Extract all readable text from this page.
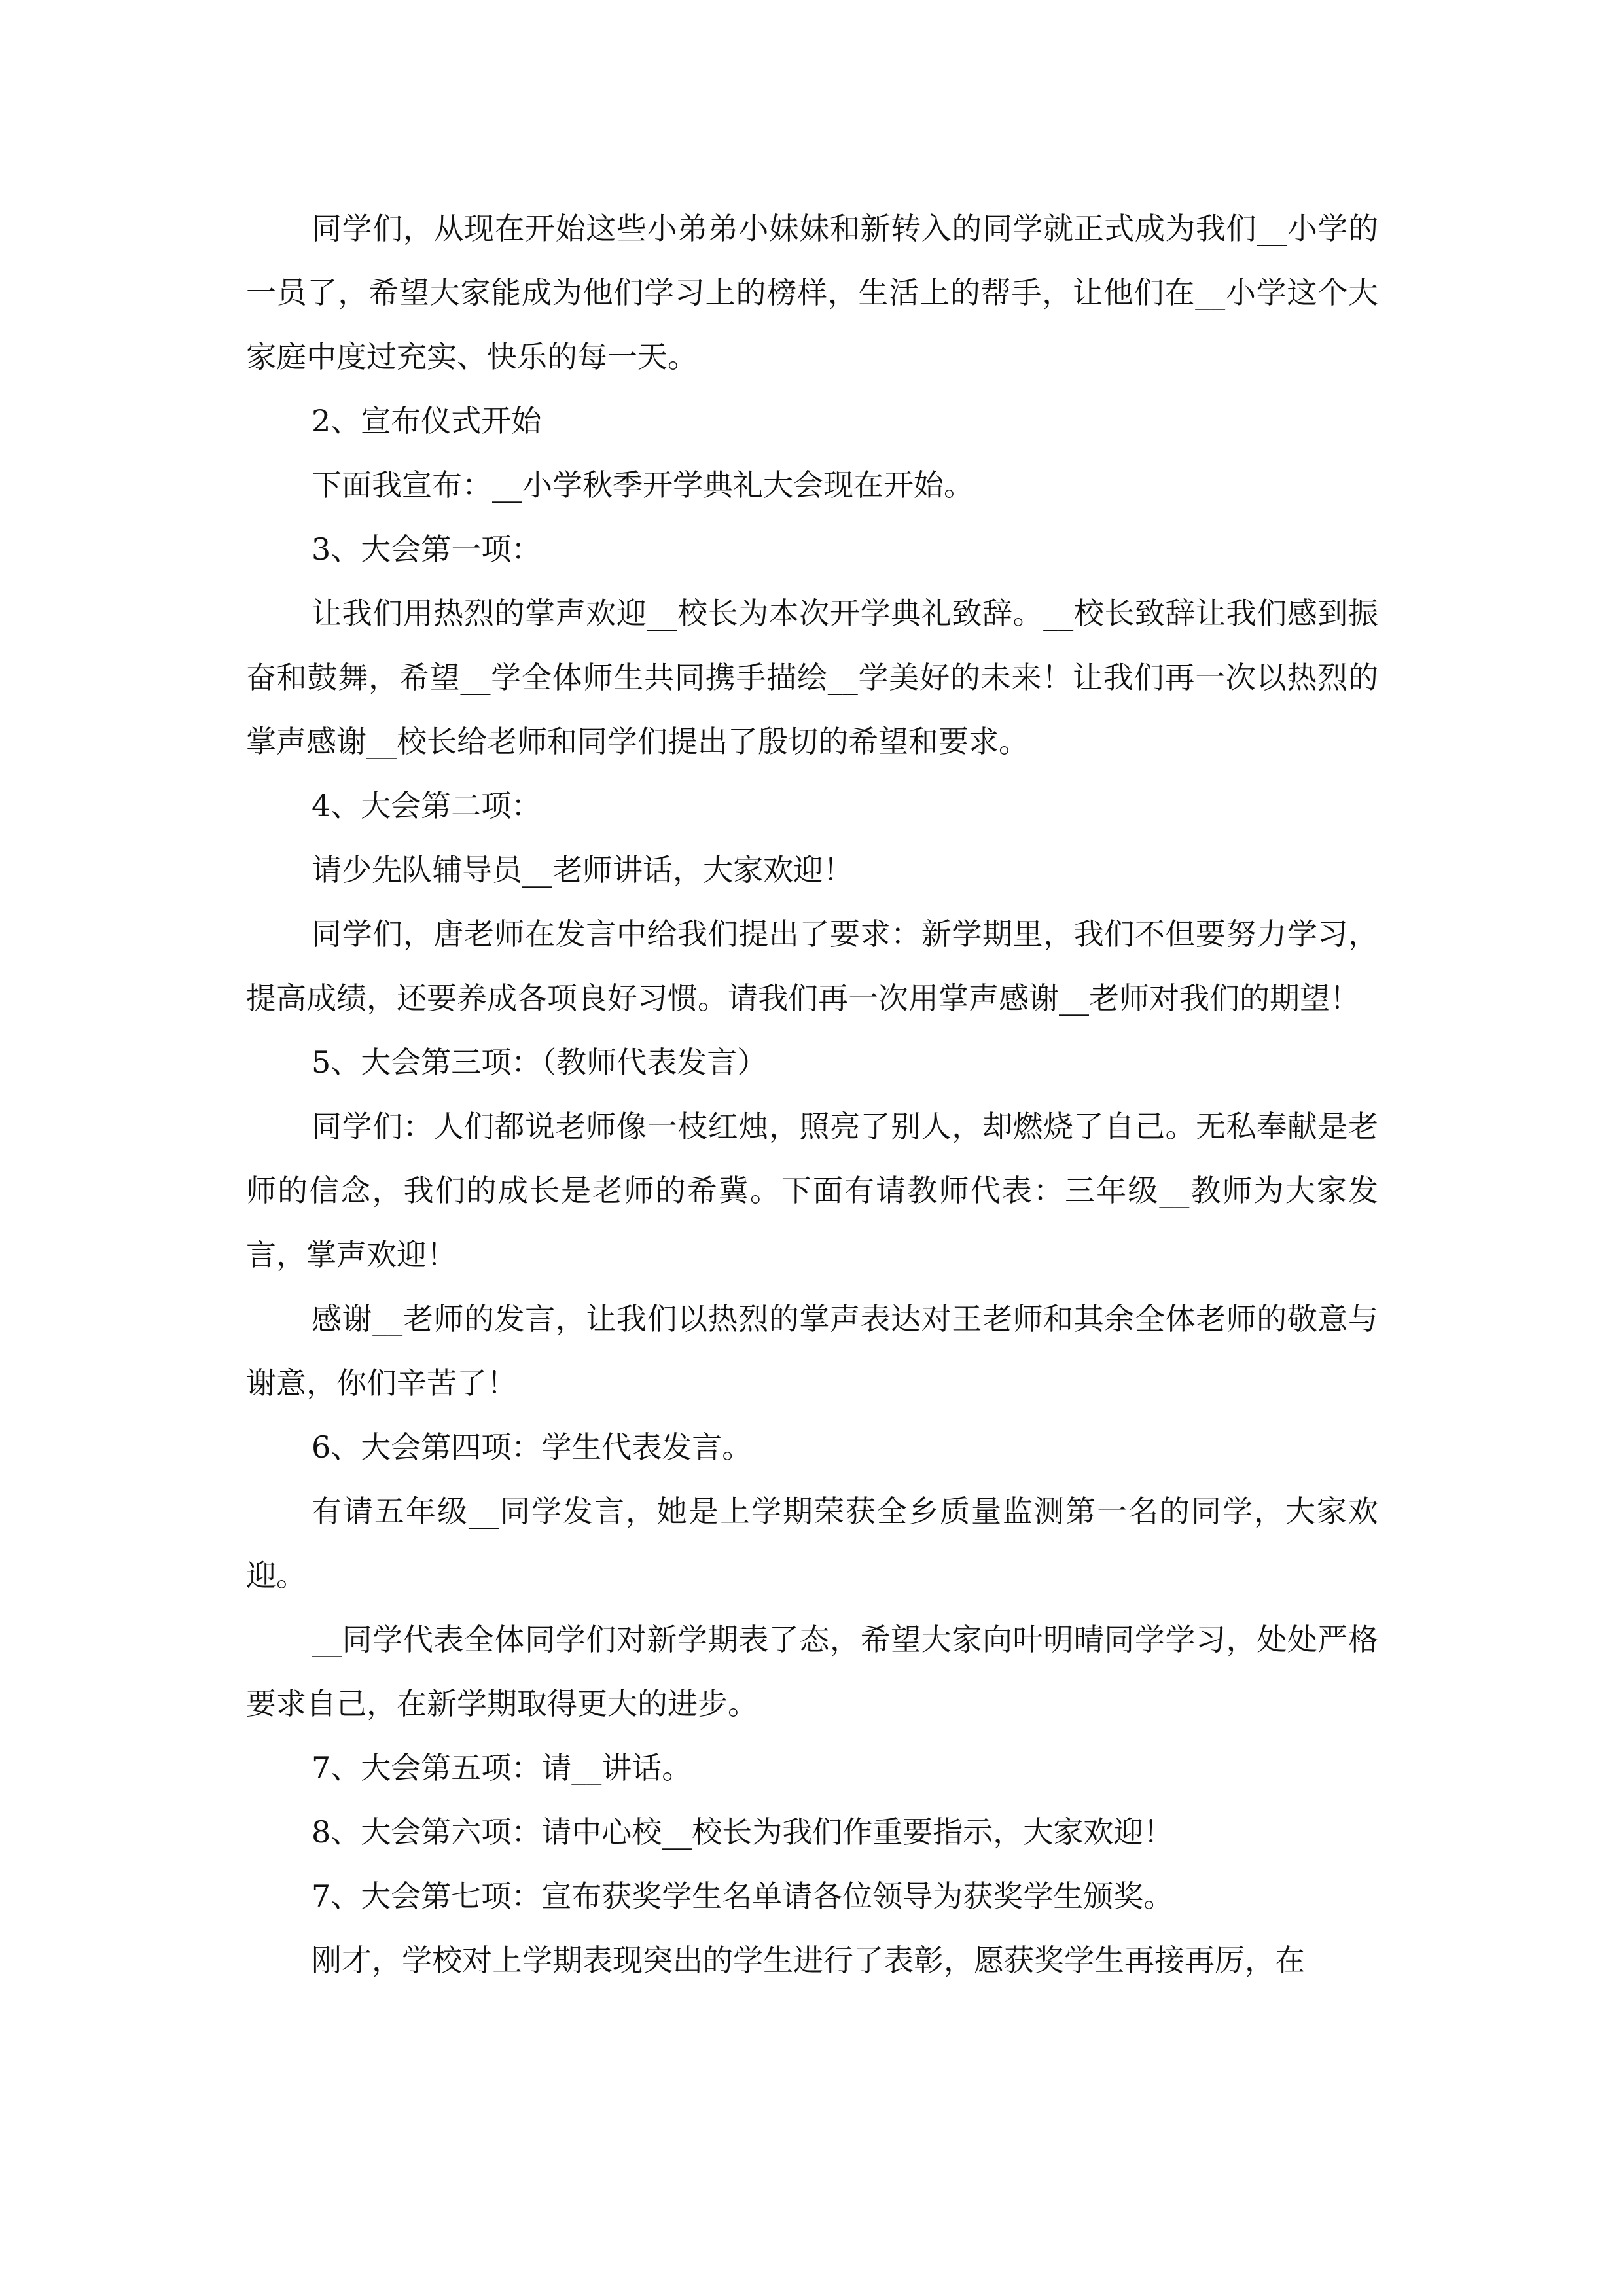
同学们，从现在开始这些小弟弟小妹妹和新转入的同学就正式成为我们__小学的一员了，希望大家能成为他们学习上的榜样，生活上的帮手，让他们在__小学这个大家庭中度过充实、快乐的每一天。

2、宣布仪式开始

下面我宣布：__小学秋季开学典礼大会现在开始。

3、大会第一项：

让我们用热烈的掌声欢迎__校长为本次开学典礼致辞。__校长致辞让我们感到振奋和鼓舞，希望__学全体师生共同携手描绘__学美好的未来！让我们再一次以热烈的掌声感谢__校长给老师和同学们提出了殷切的希望和要求。

4、大会第二项：

请少先队辅导员__老师讲话，大家欢迎！

同学们，唐老师在发言中给我们提出了要求：新学期里，我们不但要努力学习，提高成绩，还要养成各项良好习惯。请我们再一次用掌声感谢__老师对我们的期望！

5、大会第三项：（教师代表发言）

同学们：人们都说老师像一枝红烛，照亮了别人，却燃烧了自己。无私奉献是老师的信念，我们的成长是老师的希冀。下面有请教师代表：三年级__教师为大家发言，掌声欢迎！

感谢__老师的发言，让我们以热烈的掌声表达对王老师和其余全体老师的敬意与谢意，你们辛苦了！

6、大会第四项：学生代表发言。

有请五年级__同学发言，她是上学期荣获全乡质量监测第一名的同学，大家欢迎。

__同学代表全体同学们对新学期表了态，希望大家向叶明晴同学学习，处处严格要求自己，在新学期取得更大的进步。

7、大会第五项：请__讲话。

8、大会第六项：请中心校__校长为我们作重要指示，大家欢迎！

7、大会第七项：宣布获奖学生名单请各位领导为获奖学生颁奖。

刚才，学校对上学期表现突出的学生进行了表彰，愿获奖学生再接再厉，在
